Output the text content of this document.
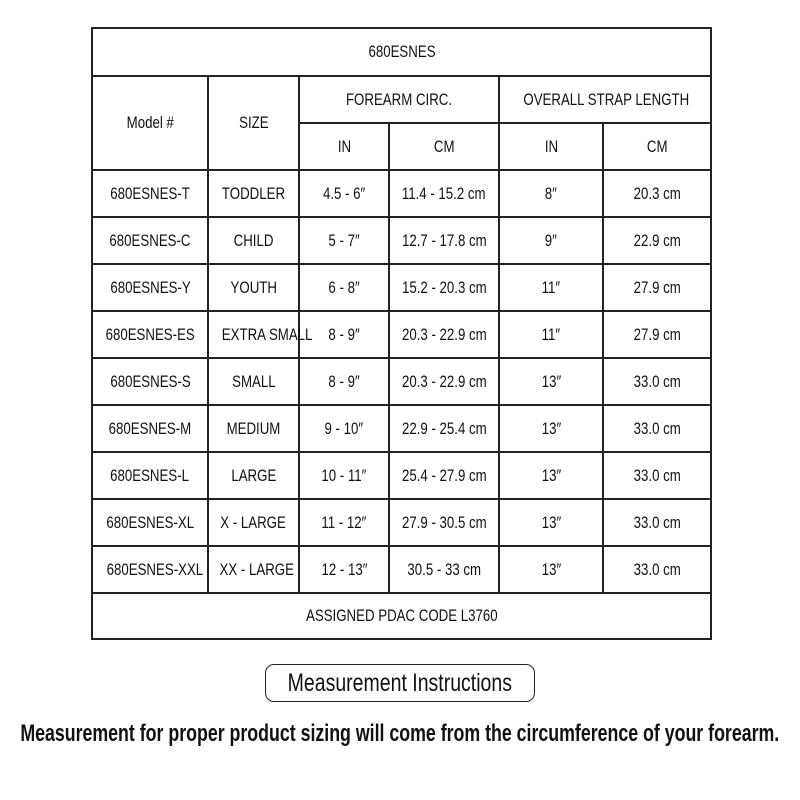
680ESNES					
Model #	SIZE	FOREARM CIRC.		OVERALL STRAP LENGTH	
		IN	CM	IN	CM
680ESNES-T	TODDLER	4.5 - 6″	11.4 - 15.2 cm	8″	20.3 cm
680ESNES-C	CHILD	5 - 7″	12.7 - 17.8 cm	9″	22.9 cm
680ESNES-Y	YOUTH	6 - 8″	15.2 - 20.3 cm	11″	27.9 cm
680ESNES-ES	EXTRA SMALL	8 - 9″	20.3 - 22.9 cm	11″	27.9 cm
680ESNES-S	SMALL	8 - 9″	20.3 - 22.9 cm	13″	33.0 cm
680ESNES-M	MEDIUM	9 - 10″	22.9 - 25.4 cm	13″	33.0 cm
680ESNES-L	LARGE	10 - 11″	25.4 - 27.9 cm	13″	33.0 cm
680ESNES-XL	X - LARGE	11 - 12″	27.9 - 30.5 cm	13″	33.0 cm
680ESNES-XXL	XX - LARGE	12 - 13″	30.5 - 33 cm	13″	33.0 cm
ASSIGNED PDAC CODE L3760					
Measurement Instructions
Measurement for proper product sizing will come from the circumference of your forearm.
